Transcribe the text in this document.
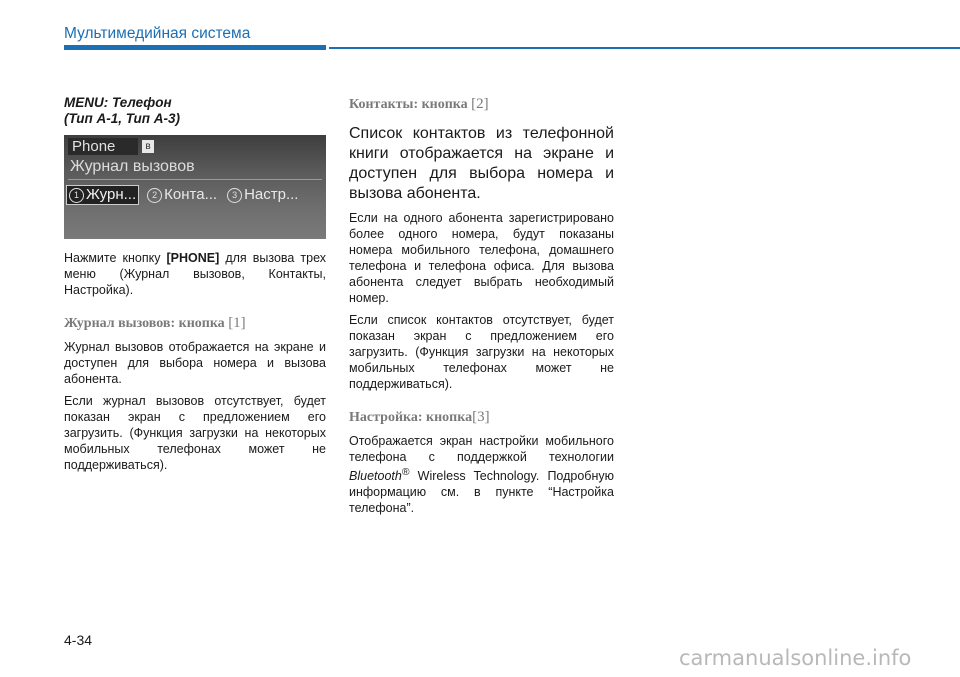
Мультимедийная система

MENU: Телефон
(Тип A-1, Тип A-3)

Phone	ʙ
Журнал вызовов
1 Журн...	2 Конта...	3 Настр...

Нажмите кнопку [PHONE] для вызова трех меню (Журнал вызовов, Контакты, Настройка).

Журнал вызовов: кнопка [1]

Журнал вызовов отображается на экране и доступен для выбора номера и вызова абонента.

Если журнал вызовов отсутствует, будет показан экран с предложением его загрузить. (Функция загрузки на некоторых мобильных телефонах может не поддерживаться).

Контакты: кнопка [2]

Список контактов из телефонной книги отображается на экране и доступен для выбора номера и вызова абонента.

Если на одного абонента зарегистрировано более одного номера, будут показаны номера мобильного телефона, домашнего телефона и телефона офиса. Для вызова абонента следует выбрать необходимый номер.

Если список контактов отсутствует, будет показан экран с предложением его загрузить. (Функция загрузки на некоторых мобильных телефонах может не поддерживаться).

Настройка: кнопка[3]

Отображается экран настройки мобильного телефона с поддержкой технологии Bluetooth® Wireless Technology. Подробную информацию см. в пункте “Настройка телефона”.

4-34
carmanualsonline.info
